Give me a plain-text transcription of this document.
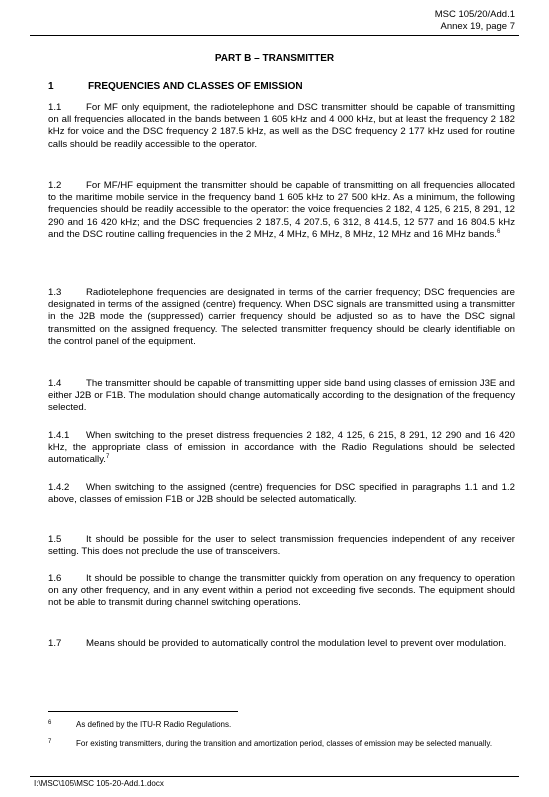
MSC 105/20/Add.1
Annex 19, page 7
PART B – TRANSMITTER
1	FREQUENCIES AND CLASSES OF EMISSION
1.1	For MF only equipment, the radiotelephone and DSC transmitter should be capable of transmitting on all frequencies allocated in the bands between 1 605 kHz and 4 000 kHz, but at least the frequency 2 182 kHz for voice and the DSC frequency 2 187.5 kHz, as well as the DSC frequency 2 177 kHz used for routine calls should be readily accessible to the operator.
1.2	For MF/HF equipment the transmitter should be capable of transmitting on all frequencies allocated to the maritime mobile service in the frequency band 1 605 kHz to 27 500 kHz. As a minimum, the following frequencies should be readily accessible to the operator: the voice frequencies 2 182, 4 125, 6 215, 8 291, 12 290 and 16 420 kHz; and the DSC frequencies 2 187.5, 4 207.5, 6 312, 8 414.5, 12 577 and 16 804.5 kHz and the DSC routine calling frequencies in the 2 MHz, 4 MHz, 6 MHz, 8 MHz, 12 MHz and 16 MHz bands.$^6$
1.3	Radiotelephone frequencies are designated in terms of the carrier frequency; DSC frequencies are designated in terms of the assigned (centre) frequency. When DSC signals are transmitted using a transmitter in the J2B mode the (suppressed) carrier frequency should be adjusted so as to have the DSC signal transmitted on the assigned frequency. The selected transmitter frequency should be clearly identifiable on the control panel of the equipment.
1.4	The transmitter should be capable of transmitting upper side band using classes of emission J3E and either J2B or F1B. The modulation should change automatically according to the designation of the frequency selected.
1.4.1 When switching to the preset distress frequencies 2 182, 4 125, 6 215, 8 291, 12 290 and 16 420 kHz, the appropriate class of emission in accordance with the Radio Regulations should be selected automatically.$^7$
1.4.2 When switching to the assigned (centre) frequencies for DSC specified in paragraphs 1.1 and 1.2 above, classes of emission F1B or J2B should be selected automatically.
1.5	It should be possible for the user to select transmission frequencies independent of any receiver setting. This does not preclude the use of transceivers.
1.6	It should be possible to change the transmitter quickly from operation on any frequency to operation on any other frequency, and in any event within a period not exceeding five seconds. The equipment should not be able to transmit during channel switching operations.
1.7	Means should be provided to automatically control the modulation level to prevent over modulation.
6	As defined by the ITU-R Radio Regulations.
7	For existing transmitters, during the transition and amortization period, classes of emission may be selected manually.
I:\MSC\105\MSC 105-20-Add.1.docx
